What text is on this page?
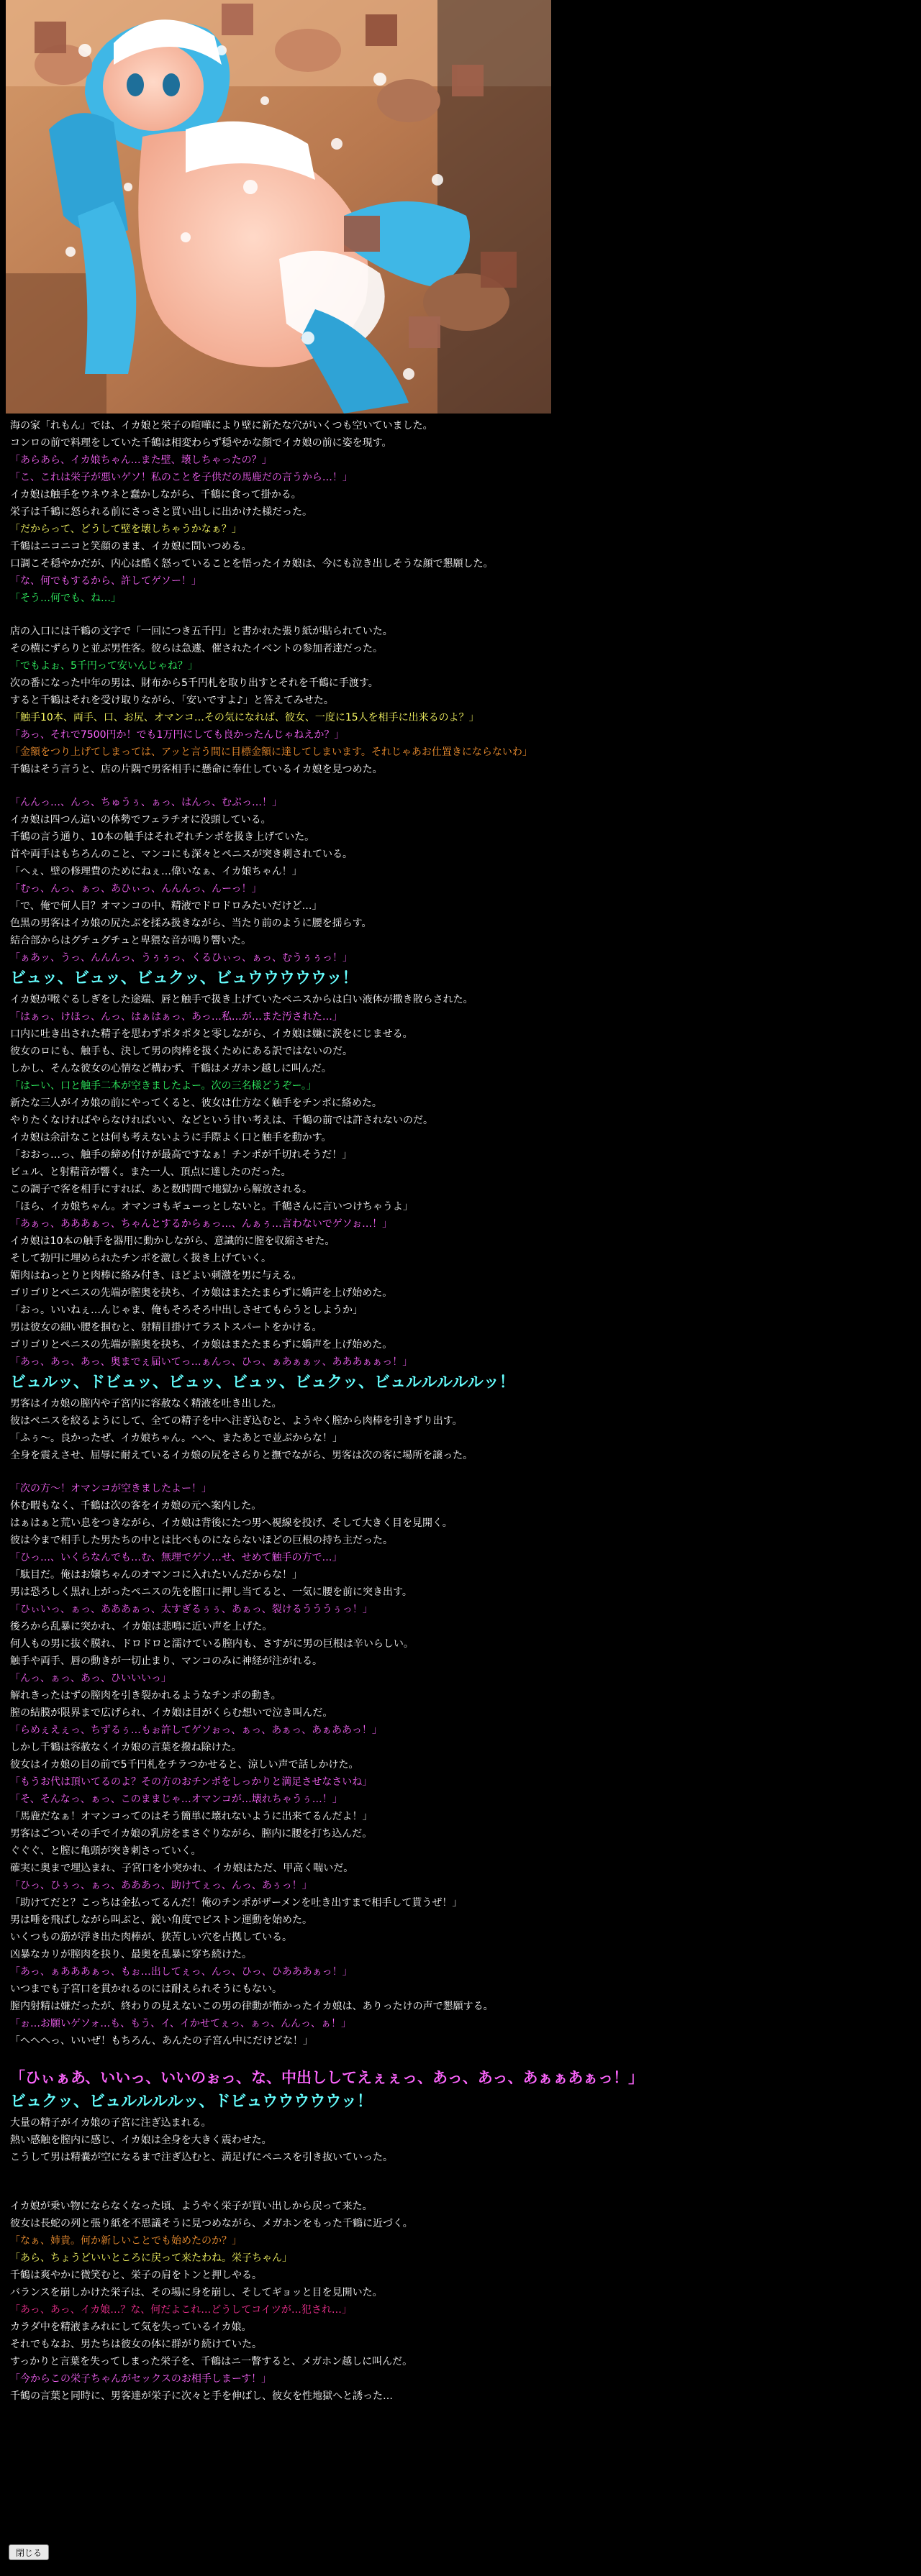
海の家「れもん」では、イカ娘と栄子の喧嘩により壁に新たな穴がいくつも空いていました。
コンロの前で料理をしていた千鶴は相変わらず穏やかな顔でイカ娘の前に姿を現す。
「あらあら、イカ娘ちゃん…また壁、壊しちゃったの？」
「こ、これは栄子が悪いゲソ！私のことを子供だの馬鹿だの言うから…！」
イカ娘は触手をウネウネと蠢かしながら、千鶴に食って掛かる。
栄子は千鶴に怒られる前にさっさと買い出しに出かけた様だった。
「だからって、どうして壁を壊しちゃうかなぁ？」
千鶴はニコニコと笑顔のまま、イカ娘に問いつめる。
口調こそ穏やかだが、内心は酷く怒っていることを悟ったイカ娘は、今にも泣き出しそうな顔で懇願した。
「な、何でもするから、許してゲソー！」
「そう…何でも、ね…」
店の入口には千鶴の文字で「一回につき五千円」と書かれた張り紙が貼られていた。
その横にずらりと並ぶ男性客。彼らは急遽、催されたイベントの参加者達だった。
「でもよぉ、5千円って安いんじゃね？」
次の番になった中年の男は、財布から5千円札を取り出すとそれを千鶴に手渡す。
すると千鶴はそれを受け取りながら、「安いですよ♪」と答えてみせた。
「触手10本、両手、口、お尻、オマンコ…その気になれば、彼女、一度に15人を相手に出来るのよ？」
「あっ、それで7500円か！でも1万円にしても良かったんじゃねえか？」
「金額をつり上げてしまっては、アッと言う間に目標金額に達してしまいます。それじゃあお仕置きにならないわ」
千鶴はそう言うと、店の片隅で男客相手に懸命に奉仕しているイカ娘を見つめた。
「んんっ…、んっ、ちゅうぅ、ぁっ、はんっ、むぷっ…！」
イカ娘は四つん這いの体勢でフェラチオに没頭している。
千鶴の言う通り、10本の触手はそれぞれチンポを扱き上げていた。
首や両手はもちろんのこと、マンコにも深々とペニスが突き刺されている。
「へぇ、壁の修理費のためにねぇ…偉いなぁ、イカ娘ちゃん！」
「むっ、んっ、ぁっ、あひぃっ、んんんっ、んーっ！」
「で、俺で何人目？オマンコの中、精液でドロドロみたいだけど…」
色黒の男客はイカ娘の尻たぶを揉み扱きながら、当たり前のように腰を揺らす。
結合部からはグチュグチュと卑猥な音が鳴り響いた。
「ぁあッ、うっ、んんんっ、うぅぅっ、くるひぃっ、ぁっ、むうぅぅっ！」
ビュッ、ビュッ、ビュクッ、ビュウウウウウッ！
イカ娘が喉ぐるしぎをした途端、唇と触手で扱き上げていたペニスからは白い液体が撒き散らされた。
「はぁっ、けほっ、んっ、はぁはぁっ、あっ…私…が…また汚された…」
口内に吐き出された精子を思わずポタポタと零しながら、イカ娘は嫌に涙をにじませる。
彼女のロにも、触手も、決して男の肉棒を扱くためにある訳ではないのだ。
しかし、そんな彼女の心情など構わず、千鶴はメガホン越しに叫んだ。
「はーい、口と触手二本が空きましたよー。次の三名様どうぞー。」
新たな三人がイカ娘の前にやってくると、彼女は仕方なく触手をチンポに絡めた。
やりたくなければやらなければいい、などという甘い考えは、千鶴の前では許されないのだ。
イカ娘は余計なことは何も考えないように手際よく口と触手を動かす。
「おおっ…っ、触手の締め付けが最高ですなぁ！チンポが千切れそうだ！」
ビュル、と射精音が響く。また一人、頂点に達したのだった。
この調子で客を相手にすれば、あと数時間で地獄から解放される。
「ほら、イカ娘ちゃん。オマンコもギューっとしないと。千鶴さんに言いつけちゃうよ」
「あぁっ、あああぁっ、ちゃんとするからぁっ…、んぁぅ…言わないでゲソぉ…！」
イカ娘は10本の触手を器用に動かしながら、意識的に膣を収縮させた。
そして勃円に埋められたチンポを激しく扱き上げていく。
媚肉はねっとりと肉棒に絡み付き、ほどよい刺激を男に与える。
ゴリゴリとペニスの先端が膣奥を抉ち、イカ娘はまたたまらずに嬌声を上げ始めた。
「おっ。いいねぇ…んじゃま、俺もそろそろ中出しさせてもらうとしようか」
男は彼女の細い腰を掴むと、射精目掛けてラストスパートをかける。
ゴリゴリとペニスの先端が膣奥を抉ち、イカ娘はまたたまらずに嬌声を上げ始めた。
「あっ、あっ、あっ、奥までぇ届いてっ…ぁんっ、ひっ、ぁあぁぁッ、あああぁぁっ！」
ビュルッ、ドビュッ、ビュッ、ビュッ、ビュクッ、ビュルルルルルッ！
男客はイカ娘の膣内や子宮内に容赦なく精液を吐き出した。
彼はペニスを絞るようにして、全ての精子を中へ注ぎ込むと、ようやく膣から肉棒を引きずり出す。
「ふぅ～。良かったぜ、イカ娘ちゃん。へへ、またあとで並ぶからな！」
全身を震えさせ、屈辱に耐えているイカ娘の尻をさらりと撫でながら、男客は次の客に場所を譲った。
「次の方～！オマンコが空きましたよー！」
休む暇もなく、千鶴は次の客をイカ娘の元へ案内した。
はぁはぁと荒い息をつきながら、イカ娘は背後にたつ男へ視線を投げ、そして大きく目を見開く。
彼は今まで相手した男たちの中とは比べものにならないほどの巨根の持ち主だった。
「ひっ…、いくらなんでも…む、無理でゲソ…せ、せめて触手の方で…」
「駄目だ。俺はお嬢ちゃんのオマンコに入れたいんだからな！」
男は恐ろしく黒れ上がったペニスの先を膣口に押し当てると、一気に腰を前に突き出す。
「ひぃいっ、ぁっ、あああぁっ、太すぎるぅぅ、あぁっ、裂けるうううぅっ！」
後ろから乱暴に突かれ、イカ娘は悲鳴に近い声を上げた。
何人もの男に抜ぐ膜れ、ドロドロと濡けている膣内も、さすがに男の巨根は辛いらしい。
触手や両手、唇の動きが一切止まり、マンコのみに神経が注がれる。
「んっ、ぁっ、あっ、ひいいいっ」
解れきったはずの膣肉を引き裂かれるようなチンポの動き。
膣の結膜が限界まで広げられ、イカ娘は目がくらむ想いで泣き叫んだ。
「らめぇえぇっ、ちずるぅ…もぉ許してゲソぉっ、ぁっ、あぁっ、あぁああっ！」
しかし千鶴は容赦なくイカ娘の言葉を撥ね除けた。
彼女はイカ娘の目の前で5千円札をチラつかせると、涼しい声で話しかけた。
「もうお代は頂いてるのよ？その方のおチンポをしっかりと満足させなさいね」
「そ、そんなっ、ぁっ、このままじゃ…オマンコが…壊れちゃうぅ…！」
「馬鹿だなぁ！オマンコってのはそう簡単に壊れないように出来てるんだよ！」
男客はごついその手でイカ娘の乳房をまさぐりながら、膣内に腰を打ち込んだ。
ぐぐぐ、と膣に亀頭が突き刺さっていく。
確実に奥まで埋込まれ、子宮口を小突かれ、イカ娘はただ、甲高く喘いだ。
「ひっ、ひぅっ、ぁっ、あああっ、助けてぇっ、んっ、あぅっ！」
「助けてだと？こっちは金払ってるんだ！俺のチンポがザーメンを吐き出すまで相手して貰うぜ！」
男は唾を飛ばしながら叫ぶと、鋭い角度でピストン運動を始めた。
いくつもの筋が浮き出た肉棒が、狭苦しい穴を占拠している。
凶暴なカリが膣肉を抉り、最奥を乱暴に穿ち続けた。
「あっ、ぁあああぁっ、もぉ…出してぇっ、んっ、ひっ、ひあああぁっ！」
いつまでも子宮口を貫かれるのには耐えられそうにもない。
膣内射精は嫌だったが、終わりの見えないこの男の律動が怖かったイカ娘は、ありったけの声で懇願する。
「ぉ…お願いゲソォ…も、もう、イ、イかせてぇっ、ぁっ、んんっ、ぁ！」
「へへへっ、いいぜ！もちろん、あんたの子宮ん中にだけどな！」
「ひぃぁあ、いいっ、いいのぉっ、な、中出ししてえぇぇっ、あっ、あっ、あぁぁあぁっ！」
ビュクッ、ビュルルルルッ、ドビュウウウウウッ！
大量の精子がイカ娘の子宮に注ぎ込まれる。
熱い感触を膣内に感じ、イカ娘は全身を大きく震わせた。
こうして男は精嚢が空になるまで注ぎ込むと、満足げにペニスを引き抜いていった。
イカ娘が乗い物にならなくなった頃、ようやく栄子が買い出しから戻って来た。
彼女は長蛇の列と張り紙を不思議そうに見つめながら、メガホンをもった千鶴に近づく。
「なぁ、姉貴。何か新しいことでも始めたのか？」
「あら、ちょうどいいところに戻って来たわね。栄子ちゃん」
千鶴は爽やかに微笑むと、栄子の肩をトンと押しやる。
バランスを崩しかけた栄子は、その場に身を崩し、そしてギョッと目を見開いた。
「あっ、あっ、イカ娘…？な、何だよこれ…どうしてコイツが…犯され…」
カラダ中を精液まみれにして気を失っているイカ娘。
それでもなお、男たちは彼女の体に群がり続けていた。
すっかりと言葉を失ってしまった栄子を、千鶴はニ一瞥すると、メガホン越しに叫んだ。
「今からこの栄子ちゃんがセックスのお相手しまーす！」
千鶴の言葉と同時に、男客達が栄子に次々と手を伸ばし、彼女を性地獄へと誘った…
閉じる
